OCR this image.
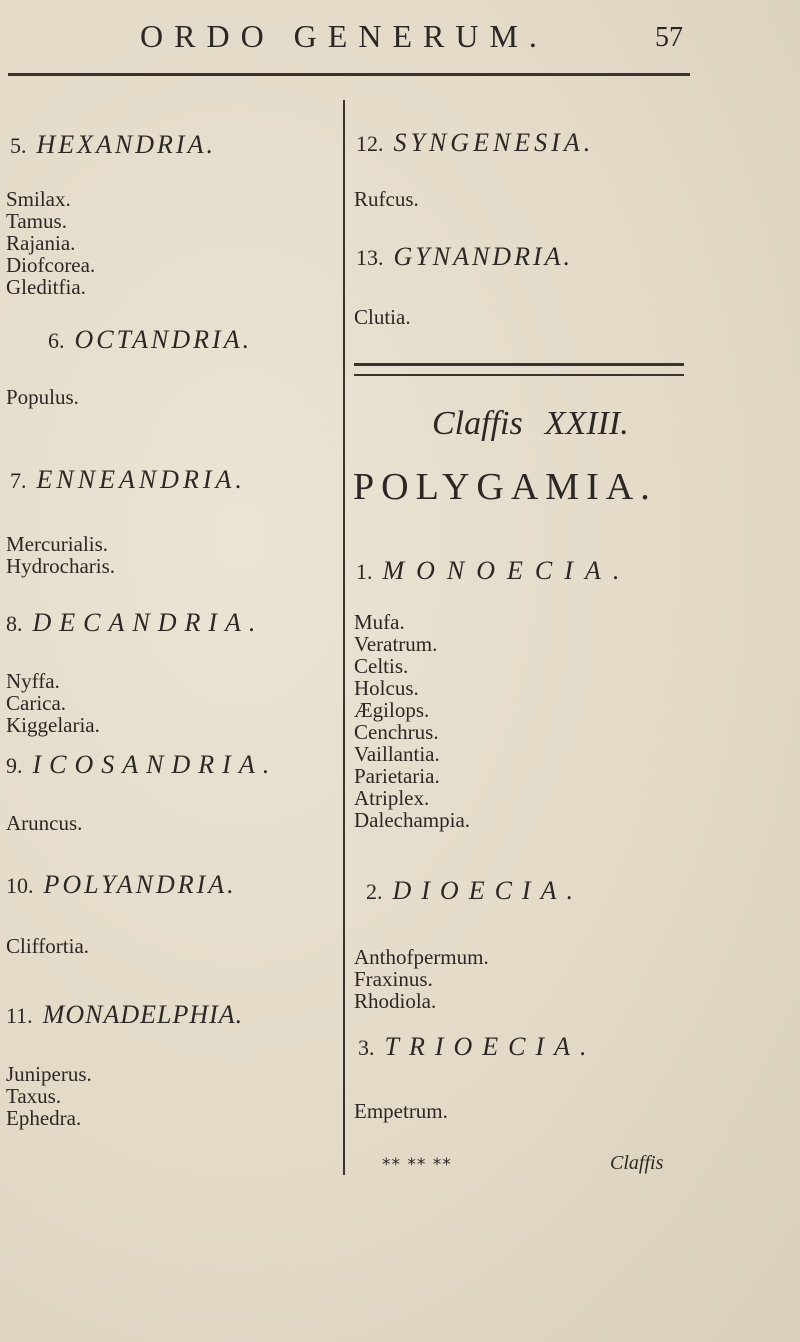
ORDO GENERUM.	57
5. HEXANDRIA.
Smilax.
Tamus.
Rajania.
Diofcorea.
Gleditfia.
6. OCTANDRIA.
Populus.
7. ENNEANDRIA.
Mercurialis.
Hydrocharis.
8. DECANDRIA.
Nyffa.
Carica.
Kiggelaria.
9. ICOSANDRIA.
Aruncus.
10. POLYANDRIA.
Cliffortia.
11. MONADELPHIA.
Juniperus.
Taxus.
Ephedra.
12. SYNGENESIA.
Rufcus.
13. GYNANDRIA.
Clutia.
Claffis XXIII.
POLYGAMIA.
1. MONOECIA.
Mufa.
Veratrum.
Celtis.
Holcus.
Ægilops.
Cenchrus.
Vaillantia.
Parietaria.
Atriplex.
Dalechampia.
2. DIOECIA.
Anthofpermum.
Fraxinus.
Rhodiola.
3. TRIOECIA.
Empetrum.
** ** **	Claffis
